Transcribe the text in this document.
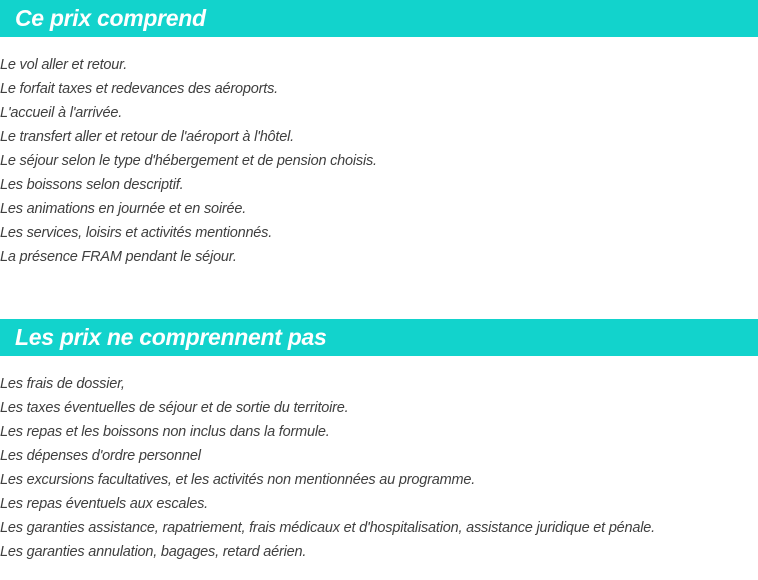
Ce prix comprend
Le vol aller et retour.
Le forfait taxes et redevances des aéroports.
L'accueil à l'arrivée.
Le transfert aller et retour de l'aéroport à l'hôtel.
Le séjour selon le type d'hébergement et de pension choisis.
Les boissons selon descriptif.
Les animations en journée et en soirée.
Les services, loisirs et activités mentionnés.
La présence FRAM pendant le séjour.
Les prix ne comprennent pas
Les frais de dossier,
Les taxes éventuelles de séjour et de sortie du territoire.
Les repas et les boissons non inclus dans la formule.
Les dépenses d'ordre personnel
Les excursions facultatives, et les activités non mentionnées au programme.
Les repas éventuels aux escales.
Les garanties assistance, rapatriement, frais médicaux et d'hospitalisation, assistance juridique et pénale.
Les garanties annulation, bagages, retard aérien.
